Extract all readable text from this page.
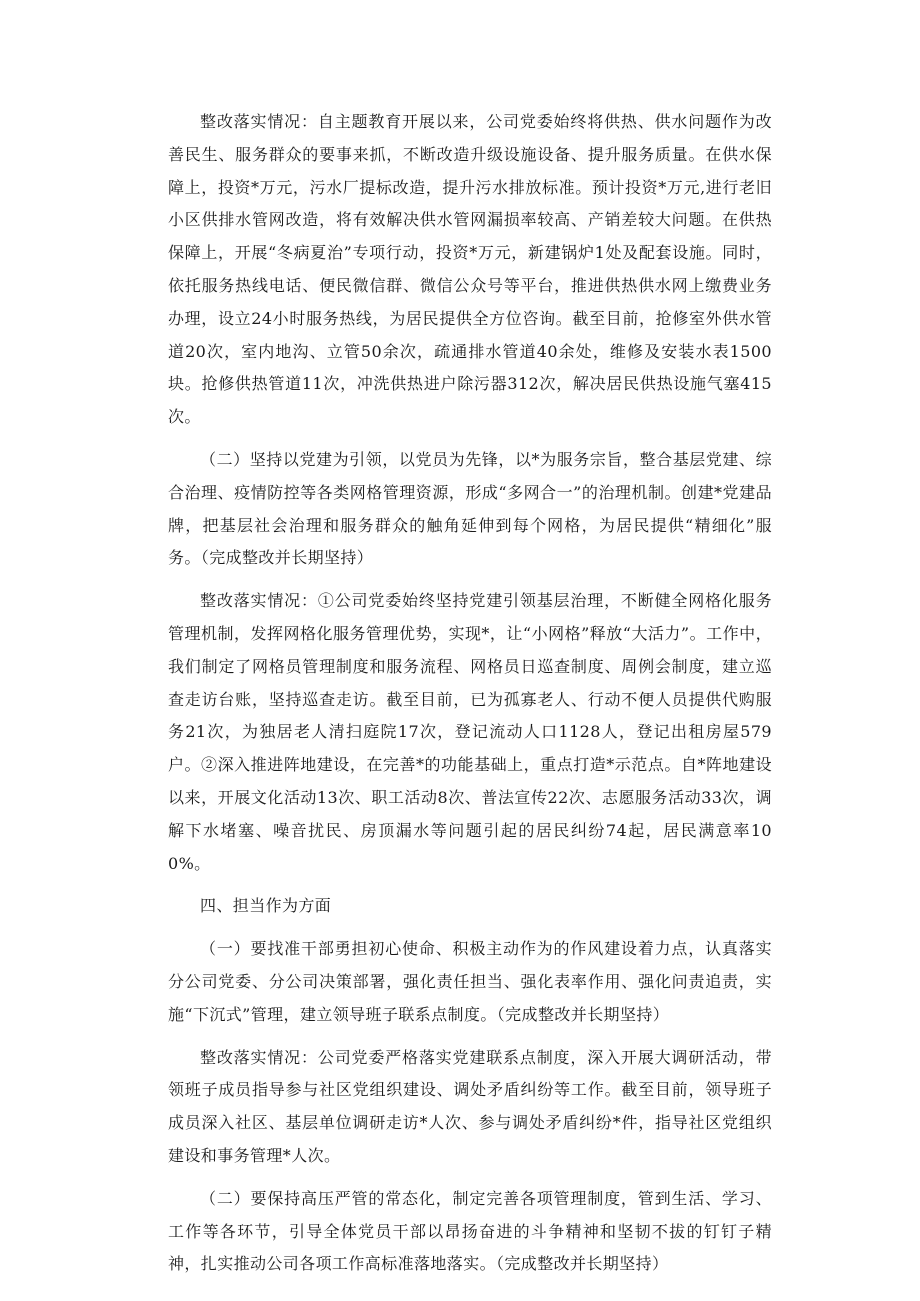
整改落实情况：自主题教育开展以来，公司党委始终将供热、供水问题作为改善民生、服务群众的要事来抓，不断改造升级设施设备、提升服务质量。在供水保障上，投资*万元，污水厂提标改造，提升污水排放标准。预计投资*万元,进行老旧小区供排水管网改造，将有效解决供水管网漏损率较高、产销差较大问题。在供热保障上，开展“冬病夏治”专项行动，投资*万元，新建锅炉1处及配套设施。同时，依托服务热线电话、便民微信群、微信公众号等平台，推进供热供水网上缴费业务办理，设立24小时服务热线，为居民提供全方位咨询。截至目前，抢修室外供水管道20次，室内地沟、立管50余次，疏通排水管道40余处，维修及安装水表1500块。抢修供热管道11次，冲洗供热进户除污器312次，解决居民供热设施气塞415次。

（二）坚持以党建为引领，以党员为先锋，以*为服务宗旨，整合基层党建、综合治理、疫情防控等各类网格管理资源，形成“多网合一”的治理机制。创建*党建品牌，把基层社会治理和服务群众的触角延伸到每个网格，为居民提供“精细化”服务。（完成整改并长期坚持）

整改落实情况：①公司党委始终坚持党建引领基层治理，不断健全网格化服务管理机制，发挥网格化服务管理优势，实现*，让“小网格”释放“大活力”。工作中，我们制定了网格员管理制度和服务流程、网格员日巡查制度、周例会制度，建立巡查走访台账，坚持巡查走访。截至目前，已为孤寡老人、行动不便人员提供代购服务21次，为独居老人清扫庭院17次，登记流动人口1128人，登记出租房屋579户。②深入推进阵地建设，在完善*的功能基础上，重点打造*示范点。自*阵地建设以来，开展文化活动13次、职工活动8次、普法宣传22次、志愿服务活动33次，调解下水堵塞、噪音扰民、房顶漏水等问题引起的居民纠纷74起，居民满意率100%。

四、担当作为方面

（一）要找准干部勇担初心使命、积极主动作为的作风建设着力点，认真落实分公司党委、分公司决策部署，强化责任担当、强化表率作用、强化问责追责，实施“下沉式”管理，建立领导班子联系点制度。（完成整改并长期坚持）

整改落实情况：公司党委严格落实党建联系点制度，深入开展大调研活动，带领班子成员指导参与社区党组织建设、调处矛盾纠纷等工作。截至目前，领导班子成员深入社区、基层单位调研走访*人次、参与调处矛盾纠纷*件，指导社区党组织建设和事务管理*人次。

（二）要保持高压严管的常态化，制定完善各项管理制度，管到生活、学习、工作等各环节，引导全体党员干部以昂扬奋进的斗争精神和坚韧不拔的钉钉子精神，扎实推动公司各项工作高标准落地落实。（完成整改并长期坚持）
